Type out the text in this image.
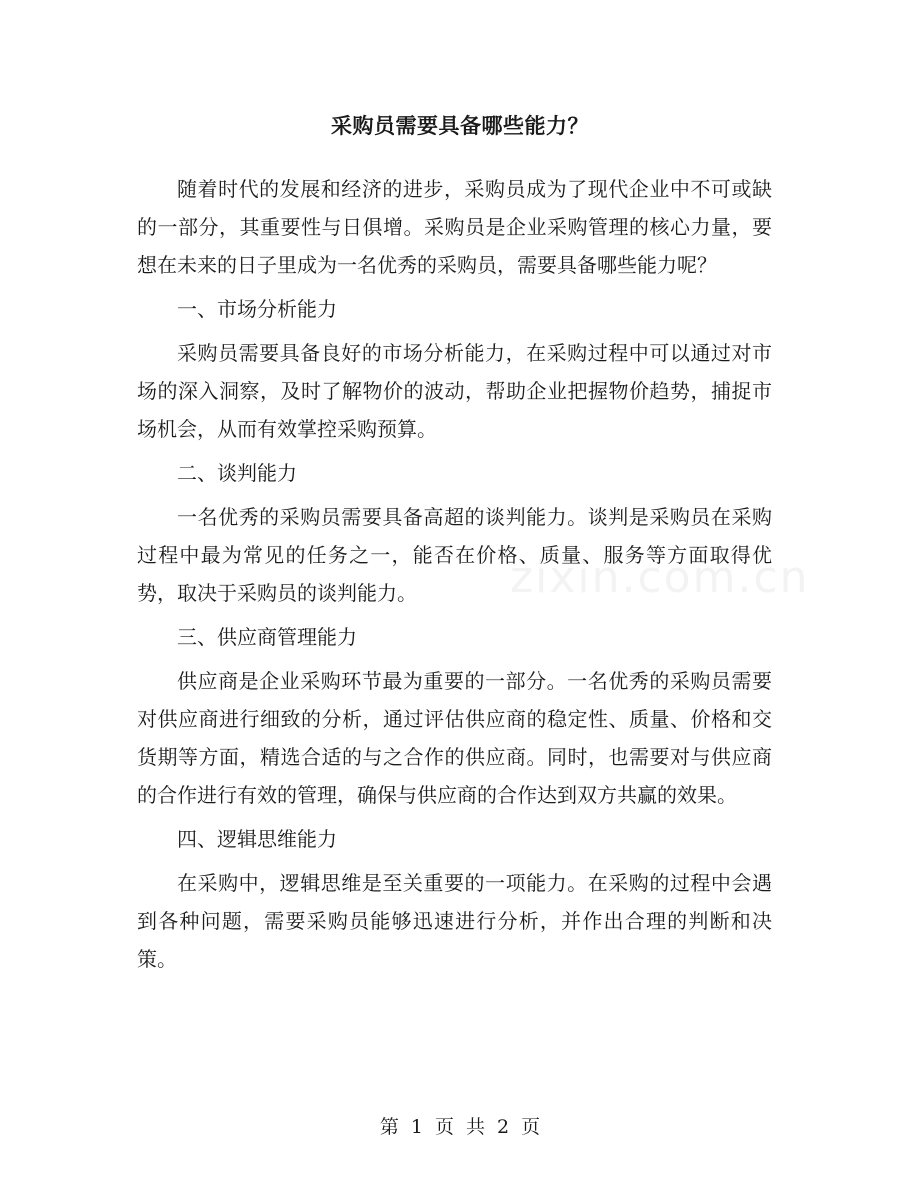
zixin.com.cn
采购员需要具备哪些能力？

随着时代的发展和经济的进步，采购员成为了现代企业中不可或缺的一部分，其重要性与日俱增。采购员是企业采购管理的核心力量，要想在未来的日子里成为一名优秀的采购员，需要具备哪些能力呢？

一、市场分析能力

采购员需要具备良好的市场分析能力，在采购过程中可以通过对市场的深入洞察，及时了解物价的波动，帮助企业把握物价趋势，捕捉市场机会，从而有效掌控采购预算。

二、谈判能力

一名优秀的采购员需要具备高超的谈判能力。谈判是采购员在采购过程中最为常见的任务之一，能否在价格、质量、服务等方面取得优势，取决于采购员的谈判能力。

三、供应商管理能力

供应商是企业采购环节最为重要的一部分。一名优秀的采购员需要对供应商进行细致的分析，通过评估供应商的稳定性、质量、价格和交货期等方面，精选合适的与之合作的供应商。同时，也需要对与供应商的合作进行有效的管理，确保与供应商的合作达到双方共赢的效果。

四、逻辑思维能力

在采购中，逻辑思维是至关重要的一项能力。在采购的过程中会遇到各种问题，需要采购员能够迅速进行分析，并作出合理的判断和决策。

第 1 页 共 2 页
